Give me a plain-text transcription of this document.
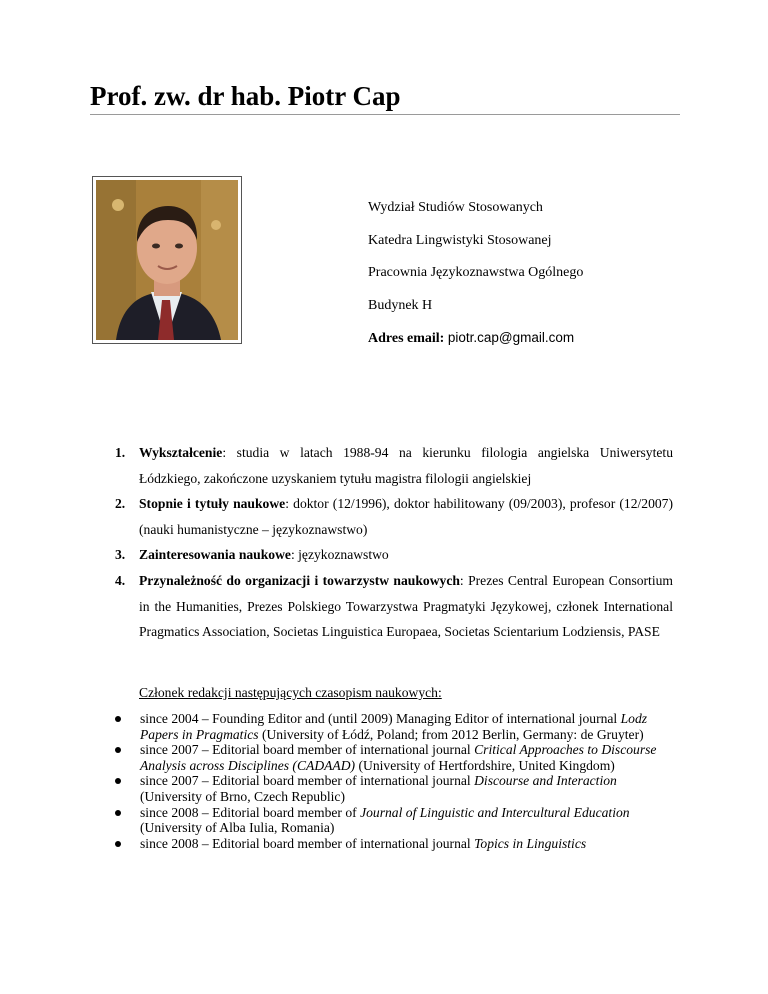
Prof. zw. dr hab. Piotr Cap
Wydział Studiów Stosowanych
Katedra Lingwistyki Stosowanej
Pracownia Językoznawstwa Ogólnego
Budynek H
Adres email: piotr.cap@gmail.com
1. Wykształcenie: studia w latach 1988-94 na kierunku filologia angielska Uniwersytetu Łódzkiego, zakończone uzyskaniem tytułu magistra filologii angielskiej
2. Stopnie i tytuły naukowe: doktor (12/1996), doktor habilitowany (09/2003), profesor (12/2007) (nauki humanistyczne – językoznawstwo)
3. Zainteresowania naukowe: językoznawstwo
4. Przynależność do organizacji i towarzystw naukowych: Prezes Central European Consortium in the Humanities, Prezes Polskiego Towarzystwa Pragmatyki Językowej, członek International Pragmatics Association, Societas Linguistica Europaea, Societas Scientarium Lodziensis, PASE
Członek redakcji następujących czasopism naukowych:
since 2004 – Founding Editor and (until 2009) Managing Editor of international journal Lodz Papers in Pragmatics (University of Łódź, Poland; from 2012 Berlin, Germany: de Gruyter)
since 2007 – Editorial board member of international journal Critical Approaches to Discourse Analysis across Disciplines (CADAAD) (University of Hertfordshire, United Kingdom)
since 2007 – Editorial board member of international journal Discourse and Interaction (University of Brno, Czech Republic)
since 2008 – Editorial board member of Journal of Linguistic and Intercultural Education (University of Alba Iulia, Romania)
since 2008 – Editorial board member of international journal Topics in Linguistics
